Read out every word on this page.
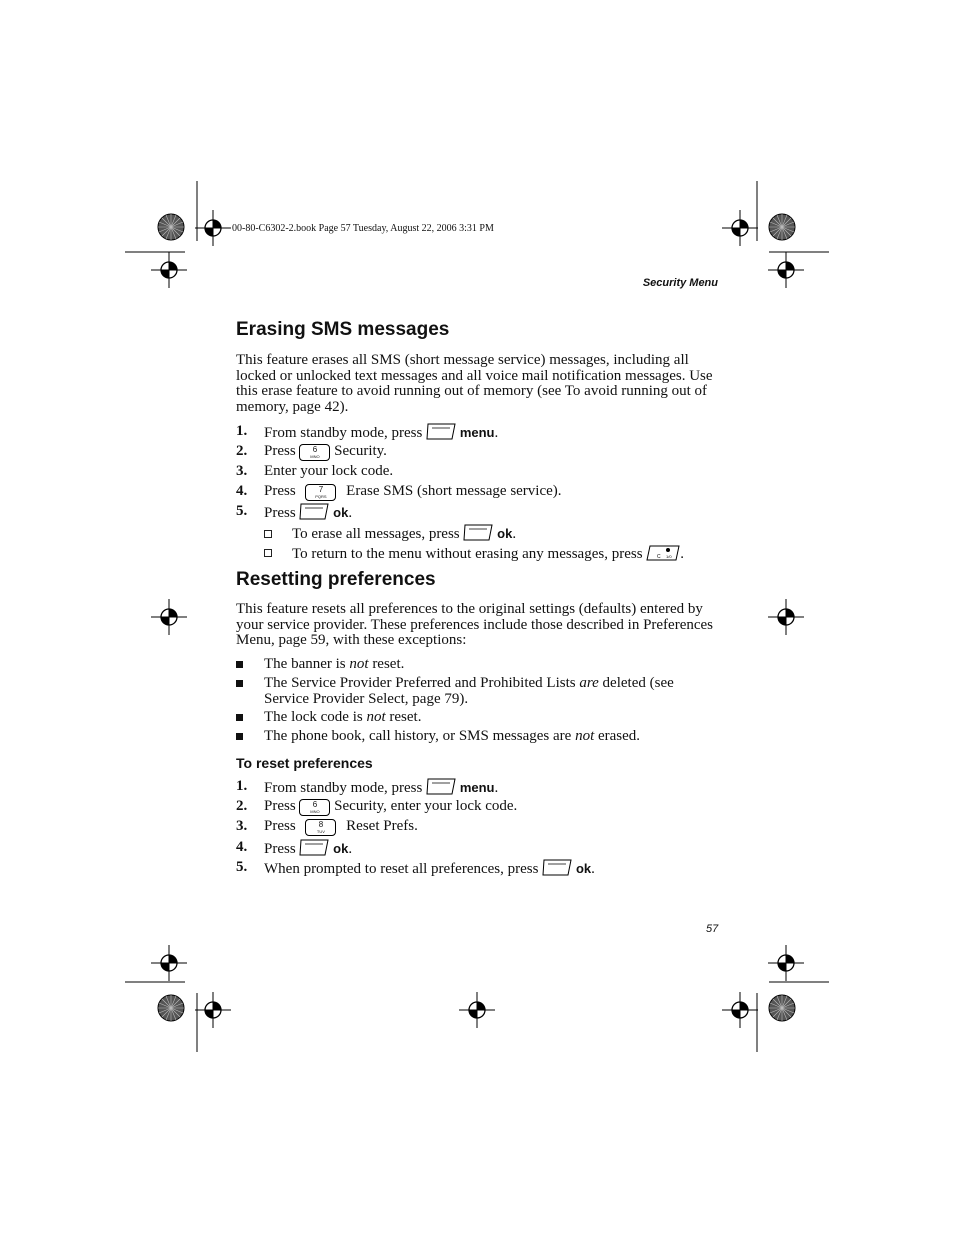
00-80-C6302-2.book Page 57 Tuesday, August 22, 2006 3:31 PM
Security Menu
Erasing SMS messages
This feature erases all SMS (short message service) messages, including all locked or unlocked text messages and all voice mail notification messages. Use this erase feature to avoid running out of memory (see To avoid running out of memory, page 42).
1. From standby mode, press	menu.
2. Press	6
MNO Security.
3. Enter your lock code.
4. Press	7
PQRS	Erase SMS (short message service).
5. Press	ok.
To erase all messages, press	ok.
To return to the menu without erasing any messages, press	C 1/0 .
Resetting preferences
This feature resets all preferences to the original settings (defaults) entered by your service provider. These preferences include those described in Preferences Menu, page 59, with these exceptions:
The banner is not reset.
The Service Provider Preferred and Prohibited Lists are deleted (see Service Provider Select, page 79).
The lock code is not reset.
The phone book, call history, or SMS messages are not erased.
To reset preferences
1. From standby mode, press	menu.
2. Press	6
MNO Security, enter your lock code.
3. Press	8
TUV	Reset Prefs.
4. Press	ok.
5. When prompted to reset all preferences, press	ok.
57
